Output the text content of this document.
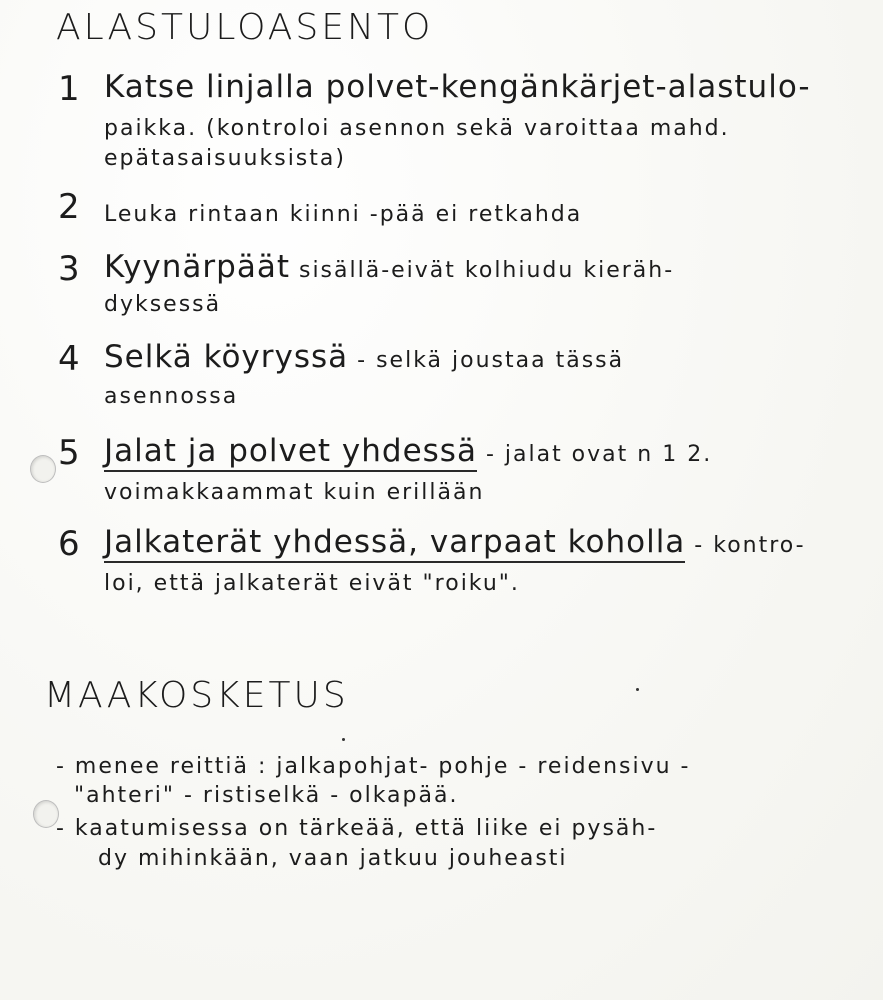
ALASTULOASENTO
1 Katse linjalla polvet-kengänkärjet-alastulo-
paikka. (kontroloi asennon sekä varoittaa mahd.
epätasaisuuksista)
2 Leuka rintaan kiinni -pää ei retkahda
3 Kyynärpäät sisällä-eivät kolhiudu kieräh-
dyksessä
4 Selkä köyryssä - selkä joustaa tässä
asennossa
5 Jalat ja polvet yhdessä - jalat ovat n 1 2.
voimakkaammat kuin erillään
6 Jalkaterät yhdessä, varpaat koholla - kontro-
loi, että jalkaterät eivät "roiku".
MAAKOSKETUS
- menee reittiä : jalkapohjat- pohje - reidensivu -
"ahteri" - ristiselkä - olkapää.
- kaatumisessa on tärkeää, että liike ei pysäh-
dy mihinkään, vaan jatkuu jouheasti
